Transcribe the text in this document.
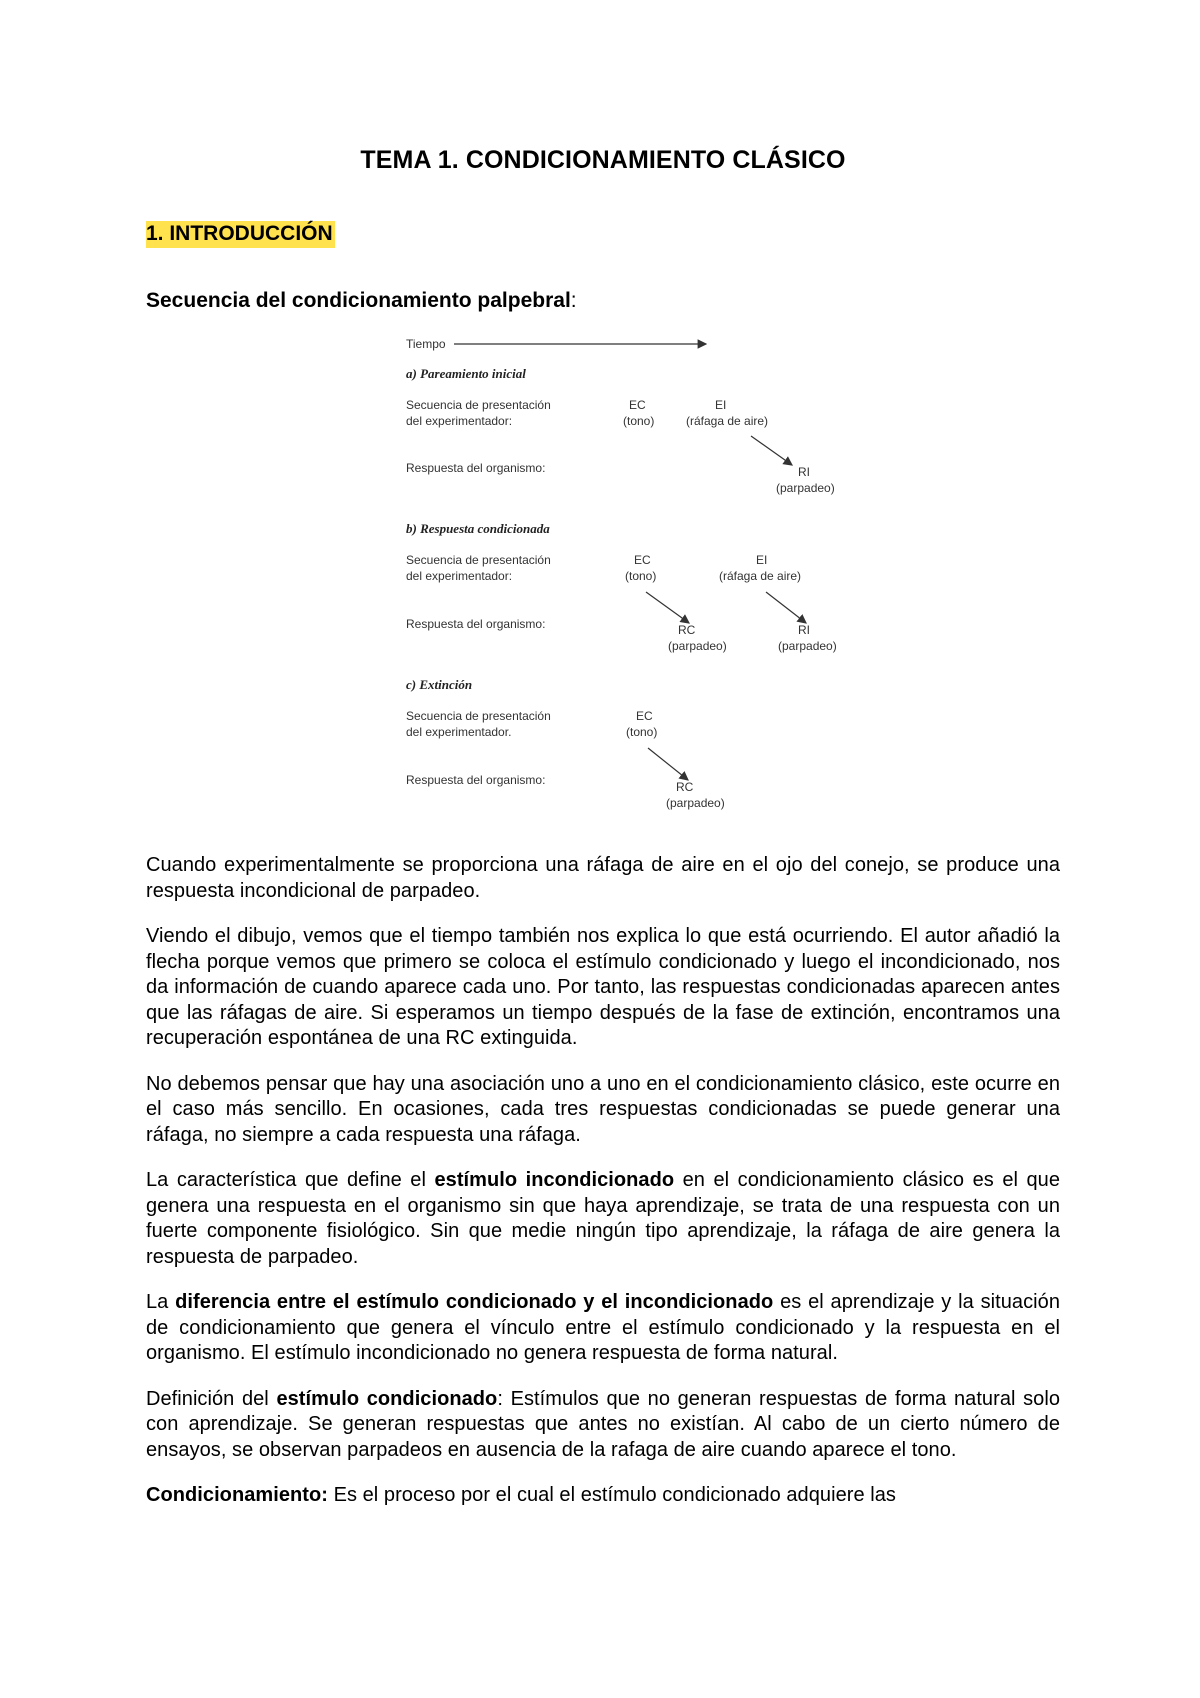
TEMA 1. CONDICIONAMIENTO CLÁSICO
1. INTRODUCCIÓN
Secuencia del condicionamiento palpebral:
Tiempo
a) Pareamiento inicial
Secuencia de presentación
del experimentador:
EC
(tono)
EI
(ráfaga de aire)
Respuesta del organismo:	RI
(parpadeo)
b) Respuesta condicionada
Secuencia de presentación
del experimentador:
EC
(tono)
EI
(ráfaga de aire)
Respuesta del organismo:	RC
(parpadeo)
RI
(parpadeo)
c) Extinción
Secuencia de presentación
del experimentador.
EC
(tono)
Respuesta del organismo:	RC
(parpadeo)

Cuando experimentalmente se proporciona una ráfaga de aire en el ojo del conejo, se produce una respuesta incondicional de parpadeo.

Viendo el dibujo, vemos que el tiempo también nos explica lo que está ocurriendo. El autor añadió la flecha porque vemos que primero se coloca el estímulo condicionado y luego el incondicionado, nos da información de cuando aparece cada uno. Por tanto, las respuestas condicionadas aparecen antes que las ráfagas de aire. Si esperamos un tiempo después de la fase de extinción, encontramos una recuperación espontánea de una RC extinguida.

No debemos pensar que hay una asociación uno a uno en el condicionamiento clásico, este ocurre en el caso más sencillo. En ocasiones, cada tres respuestas condicionadas se puede generar una ráfaga, no siempre a cada respuesta una ráfaga.

La característica que define el estímulo incondicionado en el condicionamiento clásico es el que genera una respuesta en el organismo sin que haya aprendizaje, se trata de una respuesta con un fuerte componente fisiológico. Sin que medie ningún tipo aprendizaje, la ráfaga de aire genera la respuesta de parpadeo.

La diferencia entre el estímulo condicionado y el incondicionado es el aprendizaje y la situación de condicionamiento que genera el vínculo entre el estímulo condicionado y la respuesta en el organismo. El estímulo incondicionado no genera respuesta de forma natural.

Definición del estímulo condicionado: Estímulos que no generan respuestas de forma natural solo con aprendizaje. Se generan respuestas que antes no existían. Al cabo de un cierto número de ensayos, se observan parpadeos en ausencia de la rafaga de aire cuando aparece el tono.

Condicionamiento: Es el proceso por el cual el estímulo condicionado adquiere las
